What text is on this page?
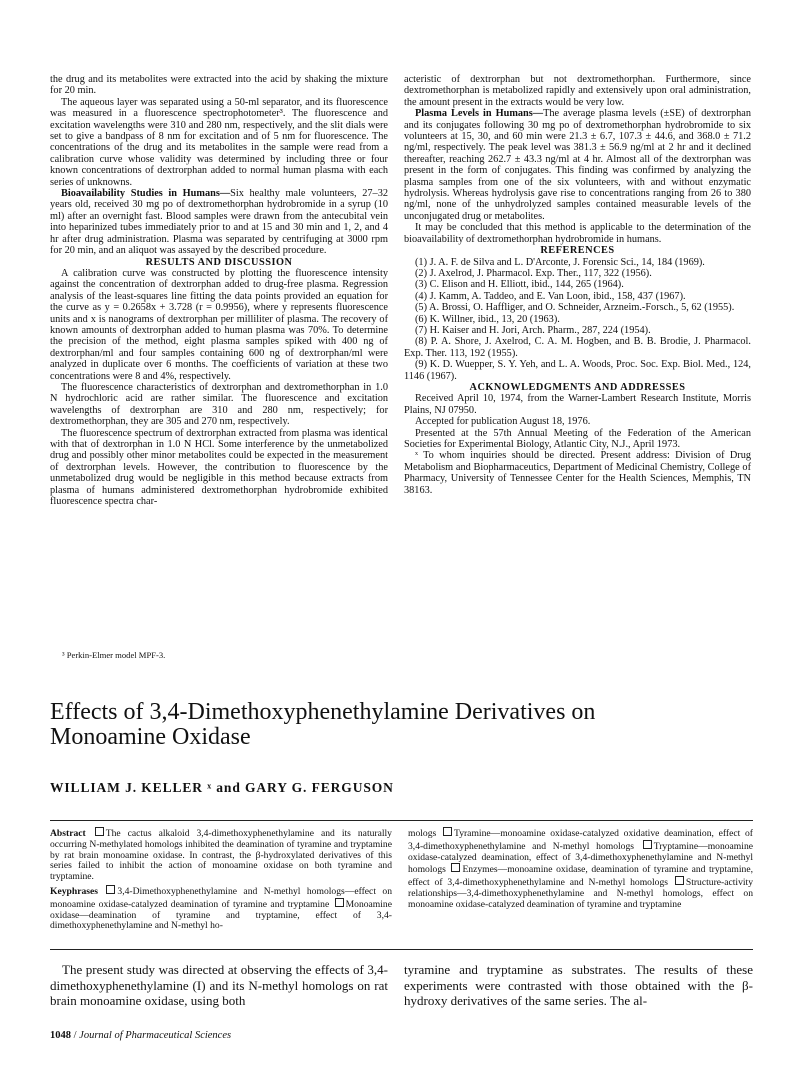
the drug and its metabolites were extracted into the acid by shaking the mixture for 20 min.

The aqueous layer was separated using a 50-ml separator, and its fluorescence was measured in a fluorescence spectrophotometer³. The fluorescence and excitation wavelengths were 310 and 280 nm, respectively, and the slit dials were set to give a bandpass of 8 nm for excitation and of 5 nm for fluorescence. The concentrations of the drug and its metabolites in the sample were read from a calibration curve whose validity was determined by including three or four known concentrations of dextrorphan added to normal human plasma with each series of unknowns.

Bioavailability Studies in Humans—Six healthy male volunteers, 27–32 years old, received 30 mg po of dextromethorphan hydrobromide in a syrup (10 ml) after an overnight fast. Blood samples were drawn from the antecubital vein into heparinized tubes immediately prior to and at 15 and 30 min and 1, 2, and 4 hr after drug administration. Plasma was separated by centrifuging at 3000 rpm for 20 min, and an aliquot was assayed by the described procedure.

RESULTS AND DISCUSSION

A calibration curve was constructed by plotting the fluorescence intensity against the concentration of dextrorphan added to drug-free plasma. Regression analysis of the least-squares line fitting the data points provided an equation for the curve as y = 0.2658x + 3.728 (r = 0.9956), where y represents fluorescence units and x is nanograms of dextrorphan per milliliter of plasma. The recovery of known amounts of dextrorphan added to human plasma was 70%. To determine the precision of the method, eight plasma samples spiked with 400 ng of dextrorphan/ml and four samples containing 600 ng of dextrorphan/ml were analyzed in duplicate over 6 months. The coefficients of variation at these two concentrations were 8 and 4%, respectively.

The fluorescence characteristics of dextrorphan and dextromethorphan in 1.0 N hydrochloric acid are rather similar. The fluorescence and excitation wavelengths of dextrorphan are 310 and 280 nm, respectively; for dextromethorphan, they are 305 and 270 nm, respectively.

The fluorescence spectrum of dextrorphan extracted from plasma was identical with that of dextrorphan in 1.0 N HCl. Some interference by the unmetabolized drug and possibly other minor metabolites could be expected in the measurement of dextrorphan levels. However, the contribution to fluorescence by the unmetabolized drug would be negligible in this method because extracts from plasma of humans administered dextromethorphan hydrobromide exhibited fluorescence spectra char-

³ Perkin-Elmer model MPF-3.

acteristic of dextrorphan but not dextromethorphan. Furthermore, since dextromethorphan is metabolized rapidly and extensively upon oral administration, the amount present in the extracts would be very low.

Plasma Levels in Humans—The average plasma levels (±SE) of dextrorphan and its conjugates following 30 mg po of dextromethorphan hydrobromide to six volunteers at 15, 30, and 60 min were 21.3 ± 6.7, 107.3 ± 44.6, and 368.0 ± 71.2 ng/ml, respectively. The peak level was 381.3 ± 56.9 ng/ml at 2 hr and it declined thereafter, reaching 262.7 ± 43.3 ng/ml at 4 hr. Almost all of the dextrorphan was present in the form of conjugates. This finding was confirmed by analyzing the plasma samples from one of the six volunteers, with and without enzymatic hydrolysis. Whereas hydrolysis gave rise to concentrations ranging from 26 to 380 ng/ml, none of the unhydrolyzed samples contained measurable levels of the unconjugated drug or metabolites.

It may be concluded that this method is applicable to the determination of the bioavailability of dextromethorphan hydrobromide in humans.

REFERENCES

(1) J. A. F. de Silva and L. D'Arconte, J. Forensic Sci., 14, 184 (1969).

(2) J. Axelrod, J. Pharmacol. Exp. Ther., 117, 322 (1956).

(3) C. Elison and H. Elliott, ibid., 144, 265 (1964).

(4) J. Kamm, A. Taddeo, and E. Van Loon, ibid., 158, 437 (1967).

(5) A. Brossi, O. Haffliger, and O. Schneider, Arzneim.-Forsch., 5, 62 (1955).

(6) K. Willner, ibid., 13, 20 (1963).

(7) H. Kaiser and H. Jori, Arch. Pharm., 287, 224 (1954).

(8) P. A. Shore, J. Axelrod, C. A. M. Hogben, and B. B. Brodie, J. Pharmacol. Exp. Ther. 113, 192 (1955).

(9) K. D. Wuepper, S. Y. Yeh, and L. A. Woods, Proc. Soc. Exp. Biol. Med., 124, 1146 (1967).

ACKNOWLEDGMENTS AND ADDRESSES

Received April 10, 1974, from the Warner-Lambert Research Institute, Morris Plains, NJ 07950.

Accepted for publication August 18, 1976.

Presented at the 57th Annual Meeting of the Federation of the American Societies for Experimental Biology, Atlantic City, N.J., April 1973.

ˣ To whom inquiries should be directed. Present address: Division of Drug Metabolism and Biopharmaceutics, Department of Medicinal Chemistry, College of Pharmacy, University of Tennessee Center for the Health Sciences, Memphis, TN 38163.

Effects of 3,4-Dimethoxyphenethylamine Derivatives on
Monoamine Oxidase
WILLIAM J. KELLER ˣ and GARY G. FERGUSON
Abstract The cactus alkaloid 3,4-dimethoxyphenethylamine and its naturally occurring N-methylated homologs inhibited the deamination of tyramine and tryptamine by rat brain monoamine oxidase. In contrast, the β-hydroxylated derivatives of this series failed to inhibit the action of monoamine oxidase on both tyramine and tryptamine.
Keyphrases 3,4-Dimethoxyphenethylamine and N-methyl homologs—effect on monoamine oxidase-catalyzed deamination of tyramine and tryptamine Monoamine oxidase—deamination of tyramine and tryptamine, effect of 3,4-dimethoxyphenethylamine and N-methyl ho-
mologs Tyramine—monoamine oxidase-catalyzed oxidative deamination, effect of 3,4-dimethoxyphenethylamine and N-methyl homologs Tryptamine—monoamine oxidase-catalyzed deamination, effect of 3,4-dimethoxyphenethylamine and N-methyl homologs Enzymes—monoamine oxidase, deamination of tyramine and tryptamine, effect of 3,4-dimethoxyphenethylamine and N-methyl homologs Structure-activity relationships—3,4-dimethoxyphenethylamine and N-methyl homologs, effect on monoamine oxidase-catalyzed deamination of tyramine and tryptamine
The present study was directed at observing the effects of 3,4-dimethoxyphenethylamine (I) and its N-methyl homologs on rat brain monoamine oxidase, using both
tyramine and tryptamine as substrates. The results of these experiments were contrasted with those obtained with the β-hydroxy derivatives of the same series. The al-
1048 / Journal of Pharmaceutical Sciences
